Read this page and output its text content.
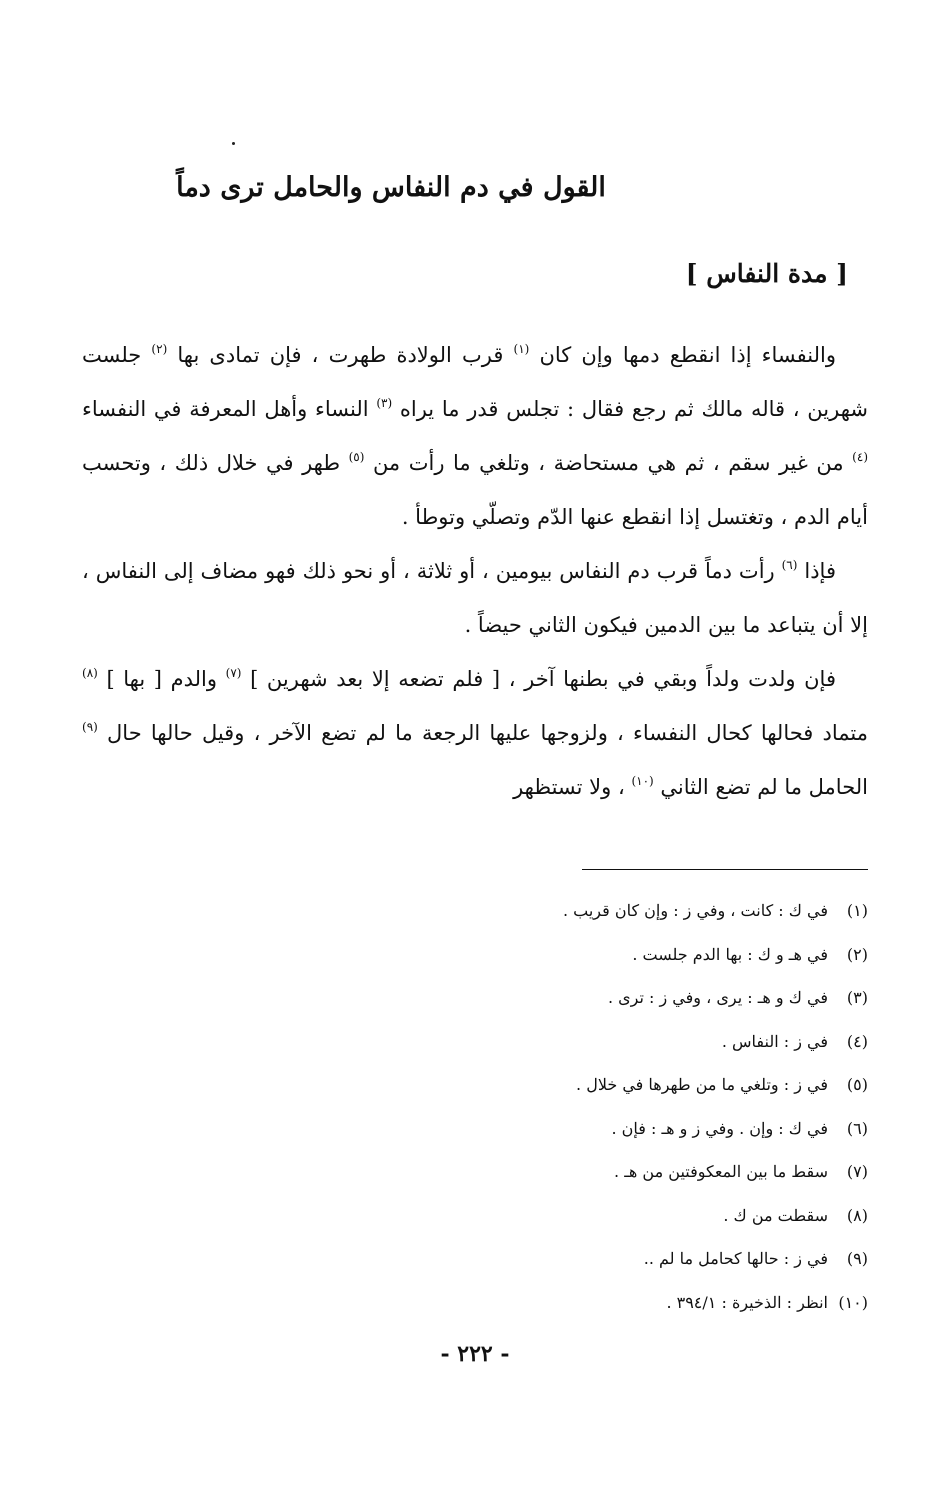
القول في دم النفاس والحامل ترى دماً
[ مدة النفاس ]

والنفساء إذا انقطع دمها وإن كان $^{(١)}$ قرب الولادة طهرت ، فإن تمادى بها $^{(٢)}$ جلست شهرين ، قاله مالك ثم رجع فقال : تجلس قدر ما يراه $^{(٣)}$ النساء وأهل المعرفة في النفساء $^{(٤)}$ من غير سقم ، ثم هي مستحاضة ، وتلغي ما رأت من $^{(٥)}$ طهر في خلال ذلك ، وتحسب أيام الدم ، وتغتسل إذا انقطع عنها الدّم وتصلّي وتوطأ .

فإذا $^{(٦)}$ رأت دماً قرب دم النفاس بيومين ، أو ثلاثة ، أو نحو ذلك فهو مضاف إلى النفاس ، إلا أن يتباعد ما بين الدمين فيكون الثاني حيضاً .

فإن ولدت ولداً وبقي في بطنها آخر ، [ فلم تضعه إلا بعد شهرين ] $^{(٧)}$ والدم [ بها ] $^{(٨)}$ متماد فحالها كحال النفساء ، ولزوجها عليها الرجعة ما لم تضع الآخر ، وقيل حالها حال $^{(٩)}$ الحامل ما لم تضع الثاني $^{(١٠)}$ ، ولا تستظهر

(١)في ك : كانت ، وفي ز : وإن كان قريب .
(٢)في هـ و ك : بها الدم جلست .
(٣)في ك و هـ : يرى ، وفي ز : ترى .
(٤)في ز : النفاس .
(٥)في ز : وتلغي ما من طهرها في خلال .
(٦)في ك : وإن . وفي ز و هـ : فإن .
(٧)سقط ما بين المعكوفتين من هـ .
(٨)سقطت من ك .
(٩)في ز : حالها كحامل ما لم ..
(١٠)انظر : الذخيرة : ٣٩٤/١ .
- ٢٢٢ -
